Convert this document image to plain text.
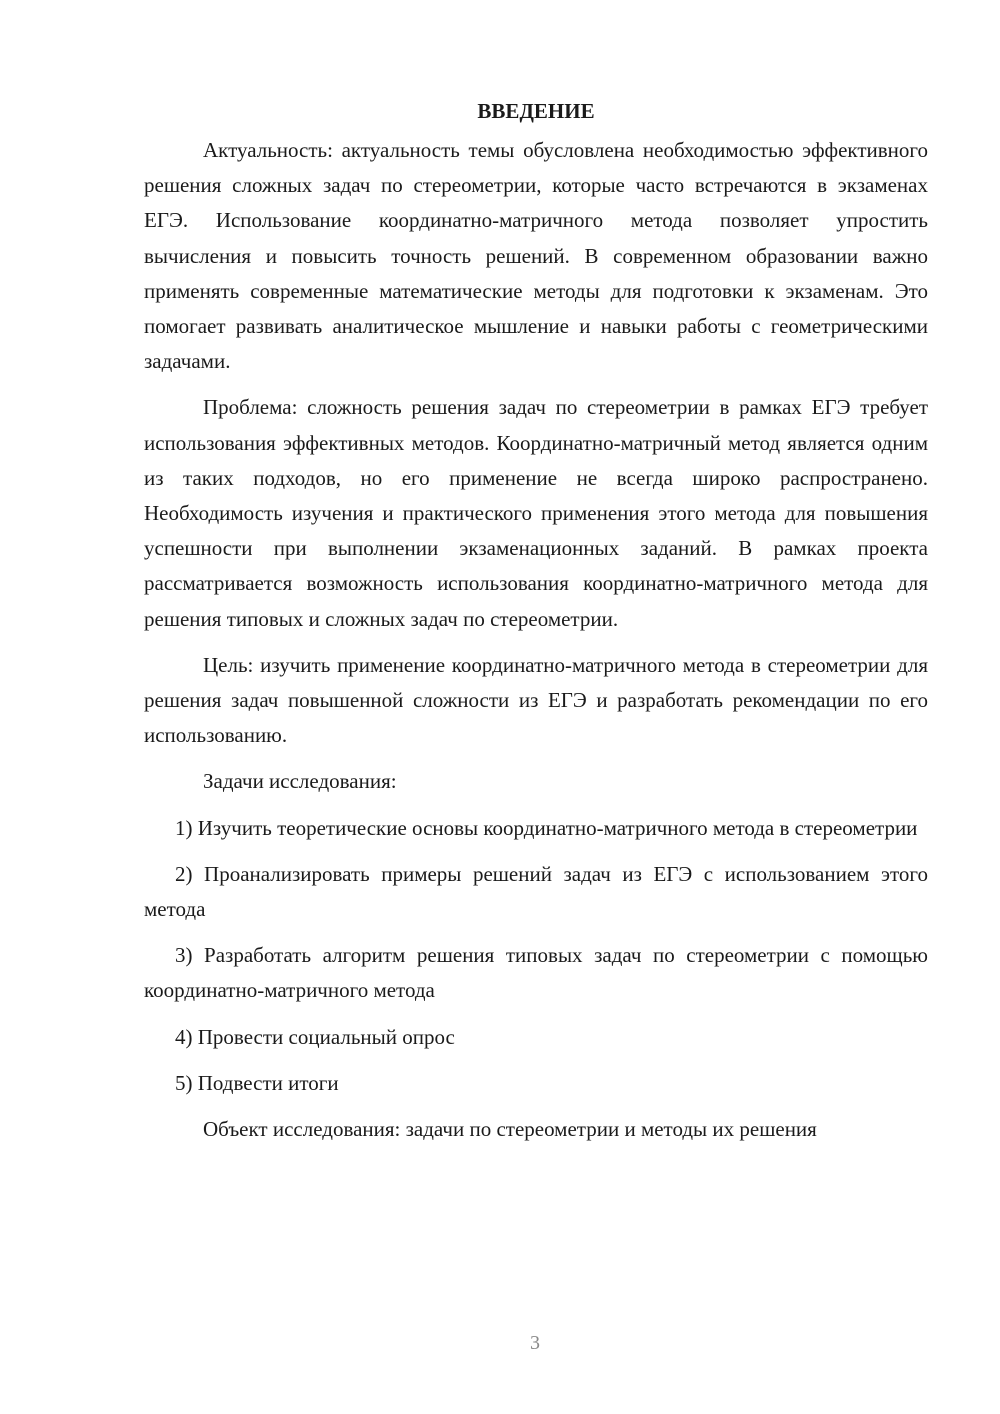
ВВЕДЕНИЕ

Актуальность: актуальность темы обусловлена необходимостью эффективного решения сложных задач по стереометрии, которые часто встречаются в экзаменах ЕГЭ. Использование координатно-матричного метода позволяет упростить вычисления и повысить точность решений. В современном образовании важно применять современные математические методы для подготовки к экзаменам. Это помогает развивать аналитическое мышление и навыки работы с геометрическими задачами.

Проблема: сложность решения задач по стереометрии в рамках ЕГЭ требует использования эффективных методов. Координатно-матричный метод является одним из таких подходов, но его применение не всегда широко распространено. Необходимость изучения и практического применения этого метода для повышения успешности при выполнении экзаменационных заданий. В рамках проекта рассматривается возможность использования координатно-матричного метода для решения типовых и сложных задач по стереометрии.

Цель: изучить применение координатно-матричного метода в стереометрии для решения задач повышенной сложности из ЕГЭ и разработать рекомендации по его использованию.

Задачи исследования:

1) Изучить теоретические основы координатно-матричного метода в стереометрии

2) Проанализировать примеры решений задач из ЕГЭ с использованием этого метода

3) Разработать алгоритм решения типовых задач по стереометрии с помощью координатно-матричного метода

4) Провести социальный опрос

5) Подвести итоги

Объект исследования: задачи по стереометрии и методы их решения

3
